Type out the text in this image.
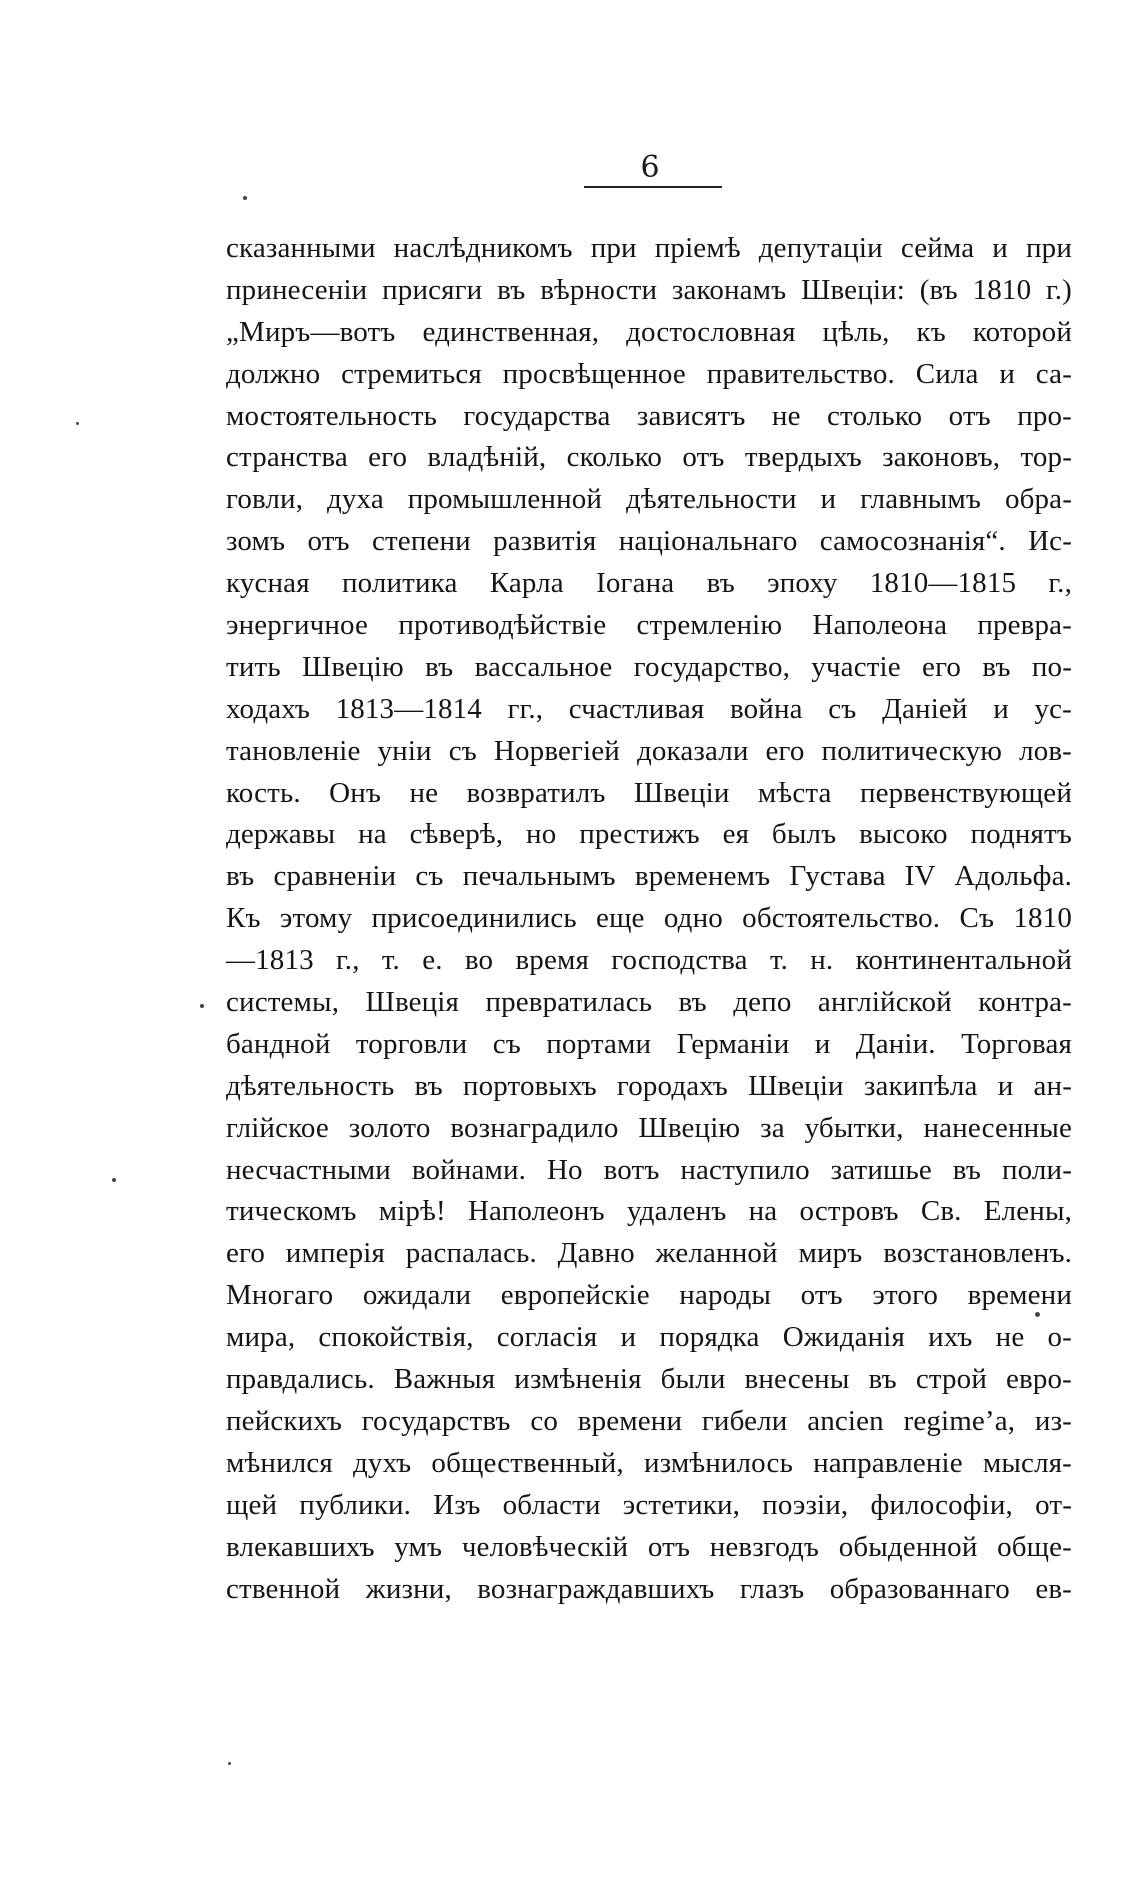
6
сказанными наслѣдникомъ при пріемѣ депутаціи сейма и при
принесеніи присяги въ вѣрности законамъ Швеціи: (въ 1810 г.)
„Миръ—вотъ единственная, достословная цѣль, къ которой
должно стремиться просвѣщенное правительство. Сила и са-
мостоятельность государства зависятъ не столько отъ про-
странства его владѣній, сколько отъ твердыхъ законовъ, тор-
говли, духа промышленной дѣятельности и главнымъ обра-
зомъ отъ степени развитія національнаго самосознанія“. Ис-
кусная политика Карла Іогана въ эпоху 1810—1815 г.,
энергичное противодѣйствіе стремленію Наполеона превра-
тить Швецію въ вассальное государство, участіе его въ по-
ходахъ 1813—1814 гг., счастливая война съ Даніей и ус-
тановленіе уніи съ Норвегіей доказали его политическую лов-
кость. Онъ не возвратилъ Швеціи мѣста первенствующей
державы на сѣверѣ, но престижъ ея былъ высоко поднятъ
въ сравненіи съ печальнымъ временемъ Густава IV Адольфа.
Къ этому присоединились еще одно обстоятельство. Съ 1810
—1813 г., т. е. во время господства т. н. континентальной
системы, Швеція превратилась въ депо англійской контра-
бандной торговли съ портами Германіи и Даніи. Торговая
дѣятельность въ портовыхъ городахъ Швеціи закипѣла и ан-
глійское золото вознаградило Швецію за убытки, нанесенные
несчастными войнами. Но вотъ наступило затишье въ поли-
тическомъ мірѣ! Наполеонъ удаленъ на островъ Св. Елены,
его имперія распалась. Давно желанной миръ возстановленъ.
Многаго ожидали европейскіе народы отъ этого времени
мира, спокойствія, согласія и порядка Ожиданія ихъ не о-
правдались. Важныя измѣненія были внесены въ строй евро-
пейскихъ государствъ со времени гибели ancien regime’a, из-
мѣнился духъ общественный, измѣнилось направленіе мысля-
щей публики. Изъ области эстетики, поэзіи, философіи, от-
влекавшихъ умъ человѣческій отъ невзгодъ обыденной обще-
ственной жизни, вознаграждавшихъ глазъ образованнаго ев-
